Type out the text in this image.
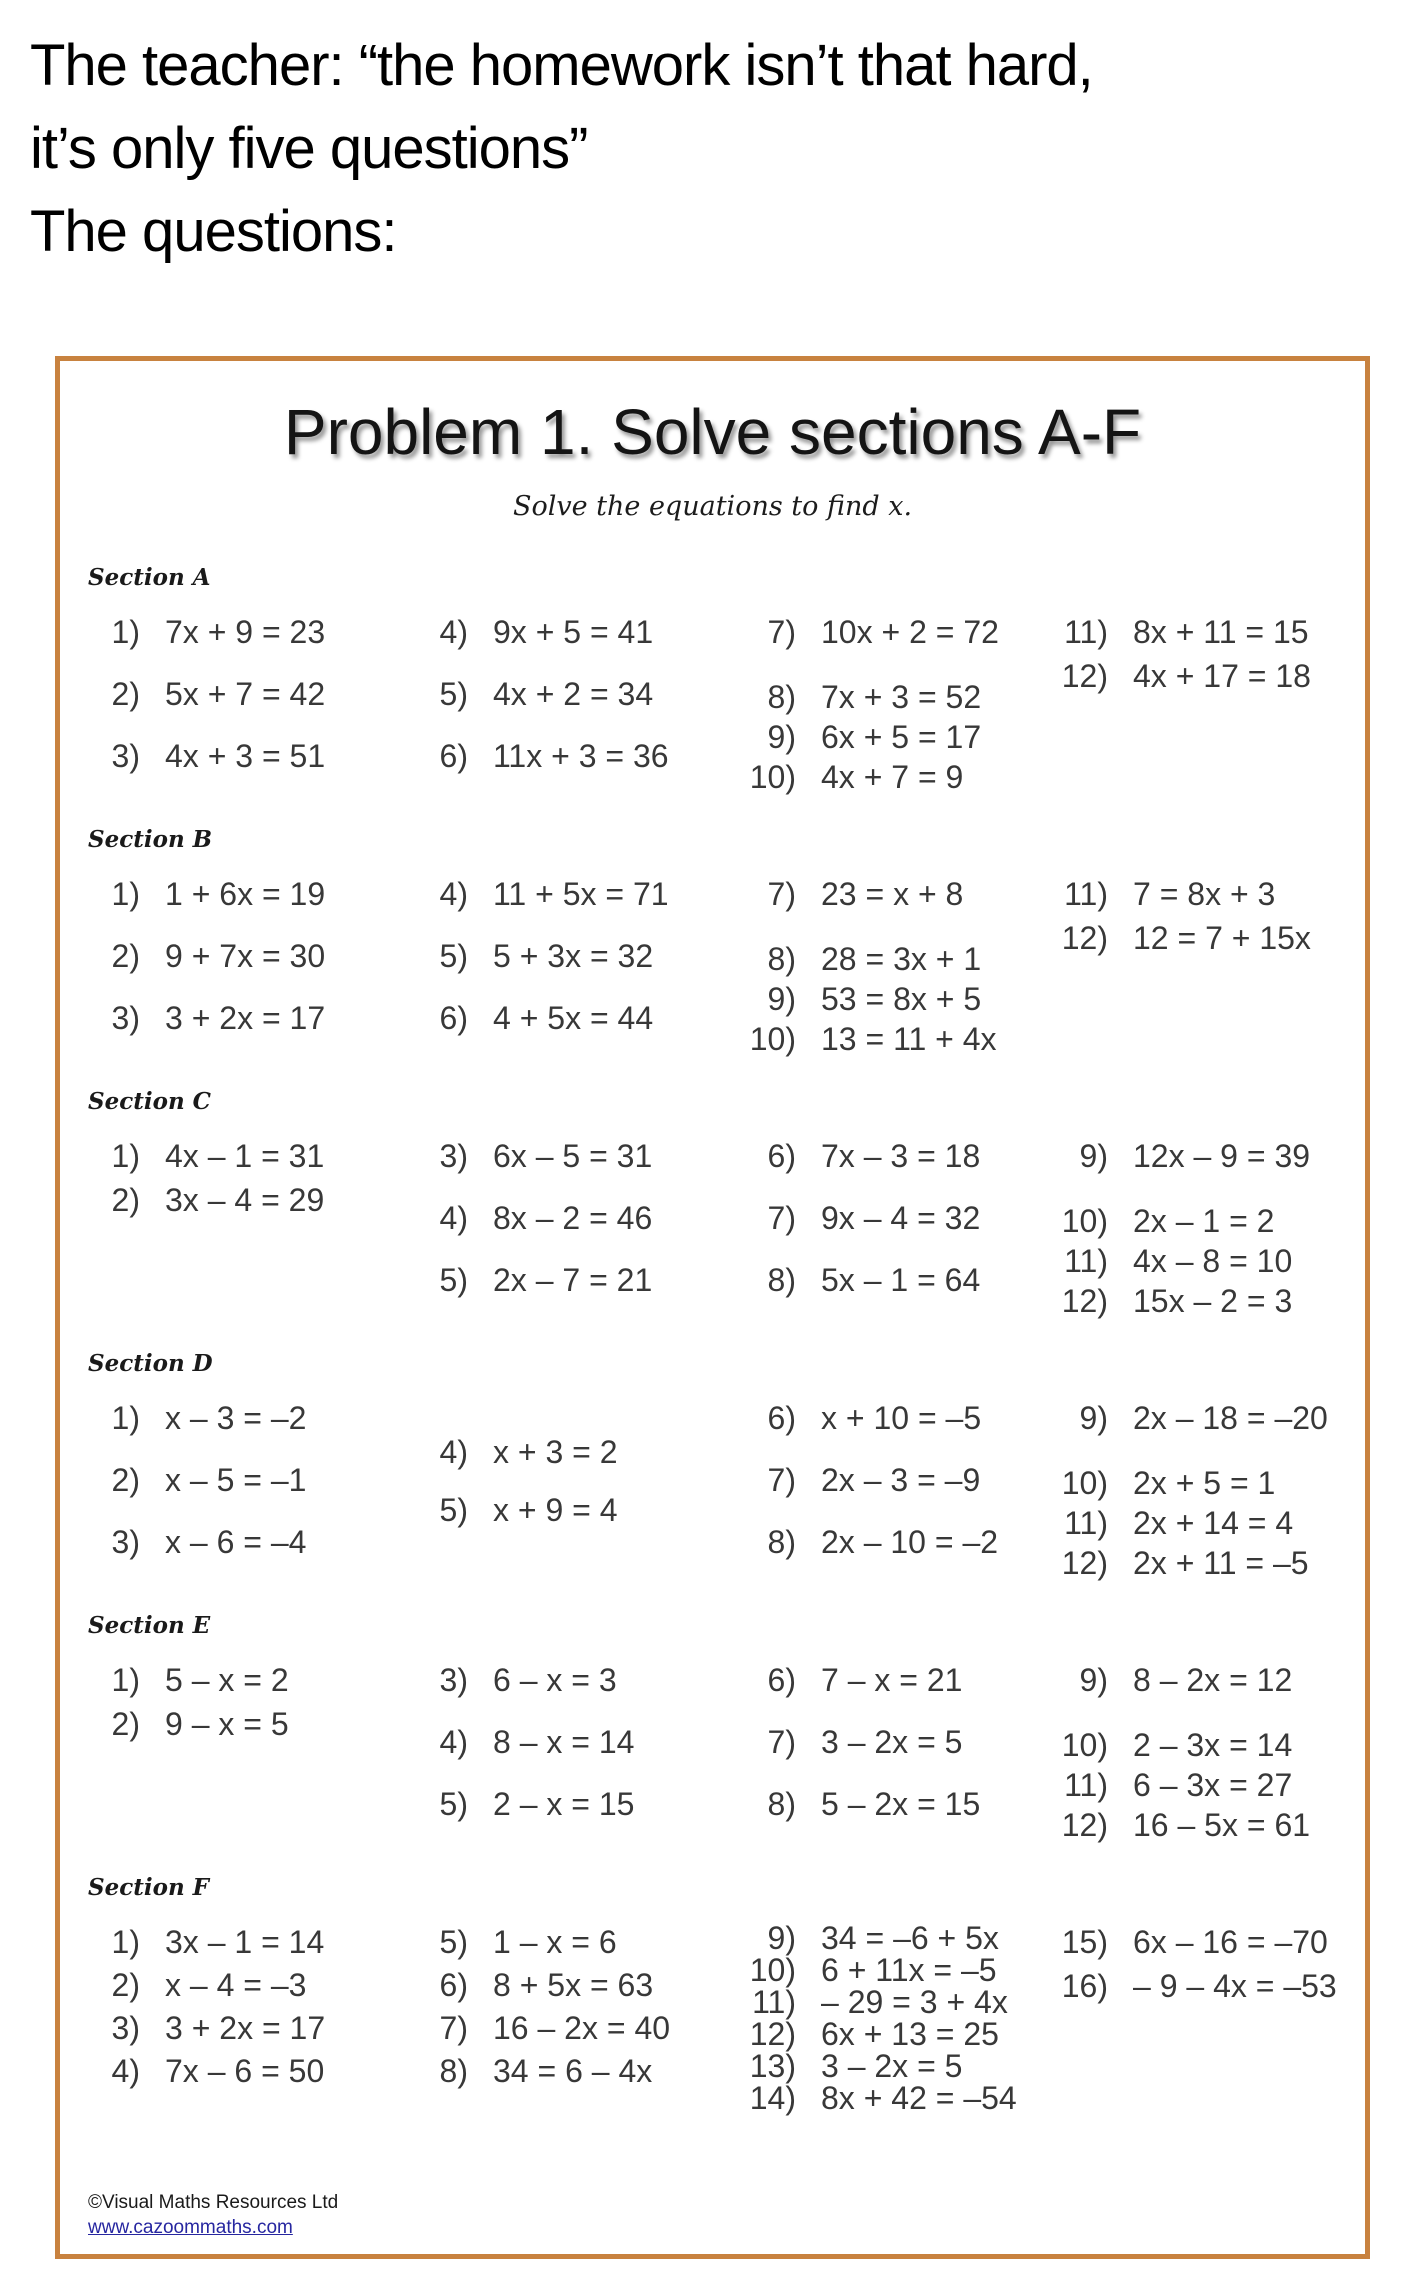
The teacher: “the homework isn’t that hard,
it’s only five questions”
The questions:
Problem 1. Solve sections A-F
Solve the equations to find x.
Section A
1) 7x + 9 = 23
2) 5x + 7 = 42
3) 4x + 3 = 51
4) 9x + 5 = 41
5) 4x + 2 = 34
6) 11x + 3 = 36
7) 10x + 2 = 72
8) 7x + 3 = 52
9) 6x + 5 = 17
10) 4x + 7 = 9
11) 8x + 11 = 15
12) 4x + 17 = 18
Section B
1) 1 + 6x = 19
2) 9 + 7x = 30
3) 3 + 2x = 17
4) 11 + 5x = 71
5) 5 + 3x = 32
6) 4 + 5x = 44
7) 23 = x + 8
8) 28 = 3x + 1
9) 53 = 8x + 5
10) 13 = 11 + 4x
11) 7 = 8x + 3
12) 12 = 7 + 15x
Section C
1) 4x – 1 = 31
2) 3x – 4 = 29
3) 6x – 5 = 31
4) 8x – 2 = 46
5) 2x – 7 = 21
6) 7x – 3 = 18
7) 9x – 4 = 32
8) 5x – 1 = 64
9) 12x – 9 = 39
10) 2x – 1 = 2
11) 4x – 8 = 10
12) 15x – 2 = 3
Section D
1) x – 3 = –2
2) x – 5 = –1
3) x – 6 = –4
4) x + 3 = 2
5) x + 9 = 4
6) x + 10 = –5
7) 2x – 3 = –9
8) 2x – 10 = –2
9) 2x – 18 = –20
10) 2x + 5 = 1
11) 2x + 14 = 4
12) 2x + 11 = –5
Section E
1) 5 – x = 2
2) 9 – x = 5
3) 6 – x = 3
4) 8 – x = 14
5) 2 – x = 15
6) 7 – x = 21
7) 3 – 2x = 5
8) 5 – 2x = 15
9) 8 – 2x = 12
10) 2 – 3x = 14
11) 6 – 3x = 27
12) 16 – 5x = 61
Section F
1) 3x – 1 = 14
2) x – 4 = –3
3) 3 + 2x = 17
4) 7x – 6 = 50
5) 1 – x = 6
6) 8 + 5x = 63
7) 16 – 2x = 40
8) 34 = 6 – 4x
9) 34 = –6 + 5x
10) 6 + 11x = –5
11) – 29 = 3 + 4x
12) 6x + 13 = 25
13) 3 – 2x = 5
14) 8x + 42 = –54
15) 6x – 16 = –70
16) – 9 – 4x = –53
©Visual Maths Resources Ltd
www.cazoommaths.com
